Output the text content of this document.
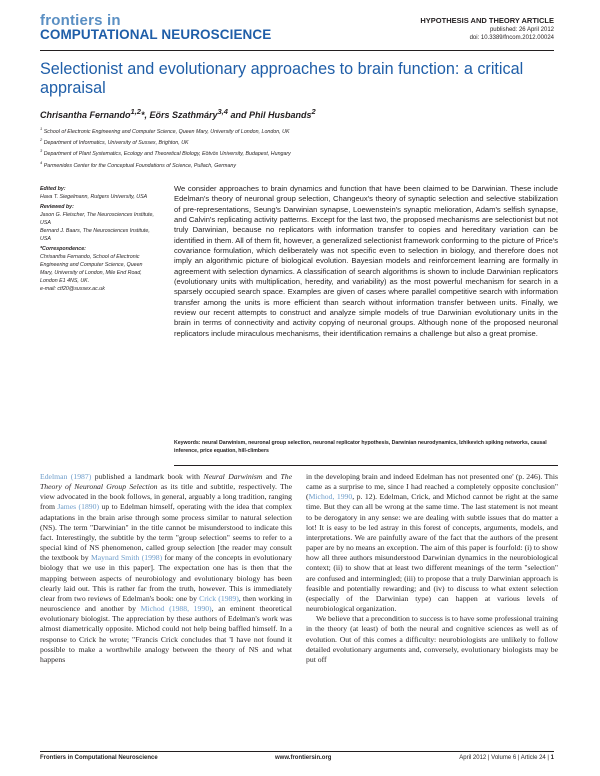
frontiers in
COMPUTATIONAL NEUROSCIENCE
HYPOTHESIS AND THEORY ARTICLE
published: 26 April 2012
doi: 10.3389/fncom.2012.00024
Selectionist and evolutionary approaches to brain function: a critical appraisal
Chrisantha Fernando$^{1,2}$*, Eörs Szathmáry$^{3,4}$ and Phil Husbands$^2$
$^1$ School of Electronic Engineering and Computer Science, Queen Mary, University of London, London, UK
$^2$ Department of Informatics, University of Sussex, Brighton, UK
$^3$ Department of Plant Systematics, Ecology and Theoretical Biology, Eötvös University, Budapest, Hungary
$^4$ Parmenides Center for the Conceptual Foundations of Science, Pullach, Germany
Edited by:
Hava T. Siegelmann, Rutgers University, USA
Reviewed by:
Jason G. Fleischer, The Neurosciences Institute, USA
Bernard J. Baars, The Neurosciences Institute, USA
*Correspondence:
Chrisantha Fernando, School of Electronic Engineering and Computer Science, Queen Mary, University of London, Mile End Road, London E1 4NS, UK.
e-mail: ctf20@sussex.ac.uk
We consider approaches to brain dynamics and function that have been claimed to be Darwinian. These include Edelman's theory of neuronal group selection, Changeux's theory of synaptic selection and selective stabilization of pre-representations, Seung's Darwinian synapse, Loewenstein's synaptic melioration, Adam's selfish synapse, and Calvin's replicating activity patterns. Except for the last two, the proposed mechanisms are selectionist but not truly Darwinian, because no replicators with information transfer to copies and hereditary variation can be identified in them. All of them fit, however, a generalized selectionist framework conforming to the picture of Price's covariance formulation, which deliberately was not specific even to selection in biology, and therefore does not imply an algorithmic picture of biological evolution. Bayesian models and reinforcement learning are formally in agreement with selection dynamics. A classification of search algorithms is shown to include Darwinian replicators (evolutionary units with multiplication, heredity, and variability) as the most powerful mechanism for search in a sparsely occupied search space. Examples are given of cases where parallel competitive search with information transfer among the units is more efficient than search without information transfer between units. Finally, we review our recent attempts to construct and analyze simple models of true Darwinian evolutionary units in the brain in terms of connectivity and activity copying of neuronal groups. Although none of the proposed neuronal replicators include miraculous mechanisms, their identification remains a challenge but also a great promise.
Keywords: neural Darwinism, neuronal group selection, neuronal replicator hypothesis, Darwinian neurodynamics, Izhikevich spiking networks, causal inference, price equation, hill-climbers

Edelman (1987) published a landmark book with Neural Darwinism and The Theory of Neuronal Group Selection as its title and subtitle, respectively. The view advocated in the book follows, in general, arguably a long tradition, ranging from James (1890) up to Edelman himself, operating with the idea that complex adaptations in the brain arise through some process similar to natural selection (NS). The term "Darwinian" in the title cannot be misunderstood to indicate this fact. Interestingly, the subtitle by the term "group selection" seems to refer to a special kind of NS phenomenon, called group selection [the reader may consult the textbook by Maynard Smith (1998) for many of the concepts in evolutionary biology that we use in this paper]. The expectation one has is then that the mapping between aspects of neurobiology and evolutionary biology has been clearly laid out. This is rather far from the truth, however. This is immediately clear from two reviews of Edelman's book: one by Crick (1989), then working in neuroscience and another by Michod (1988, 1990), an eminent theoretical evolutionary biologist. The appreciation by these authors of Edelman's work was almost diametrically opposite. Michod could not help being baffled himself. In a response to Crick he wrote; "Francis Crick concludes that 'I have not found it possible to make a worthwhile analogy between the theory of NS and what happens

in the developing brain and indeed Edelman has not presented one' (p. 246). This came as a surprise to me, since I had reached a completely opposite conclusion" (Michod, 1990, p. 12). Edelman, Crick, and Michod cannot be right at the same time. But they can all be wrong at the same time. The last statement is not meant to be derogatory in any sense: we are dealing with subtle issues that do matter a lot! It is easy to be led astray in this forest of concepts, arguments, models, and interpretations. We are painfully aware of the fact that the authors of the present paper are by no means an exception. The aim of this paper is fourfold: (i) to show how all three authors misunderstood Darwinian dynamics in the neurobiological context; (ii) to show that at least two different meanings of the term "selection" are confused and intermingled; (iii) to propose that a truly Darwinian approach is feasible and potentially rewarding; and (iv) to discuss to what extent selection (especially of the Darwinian type) can happen at various levels of neurobiological organization.

We believe that a precondition to success is to have some professional training in the theory (at least) of both the neural and cognitive sciences as well as of evolution. Out of this comes a difficulty: neurobiologists are unlikely to follow detailed evolutionary arguments and, conversely, evolutionary biologists may be put off

Frontiers in Computational Neuroscience	www.frontiersin.org	April 2012 | Volume 6 | Article 24 | 1
